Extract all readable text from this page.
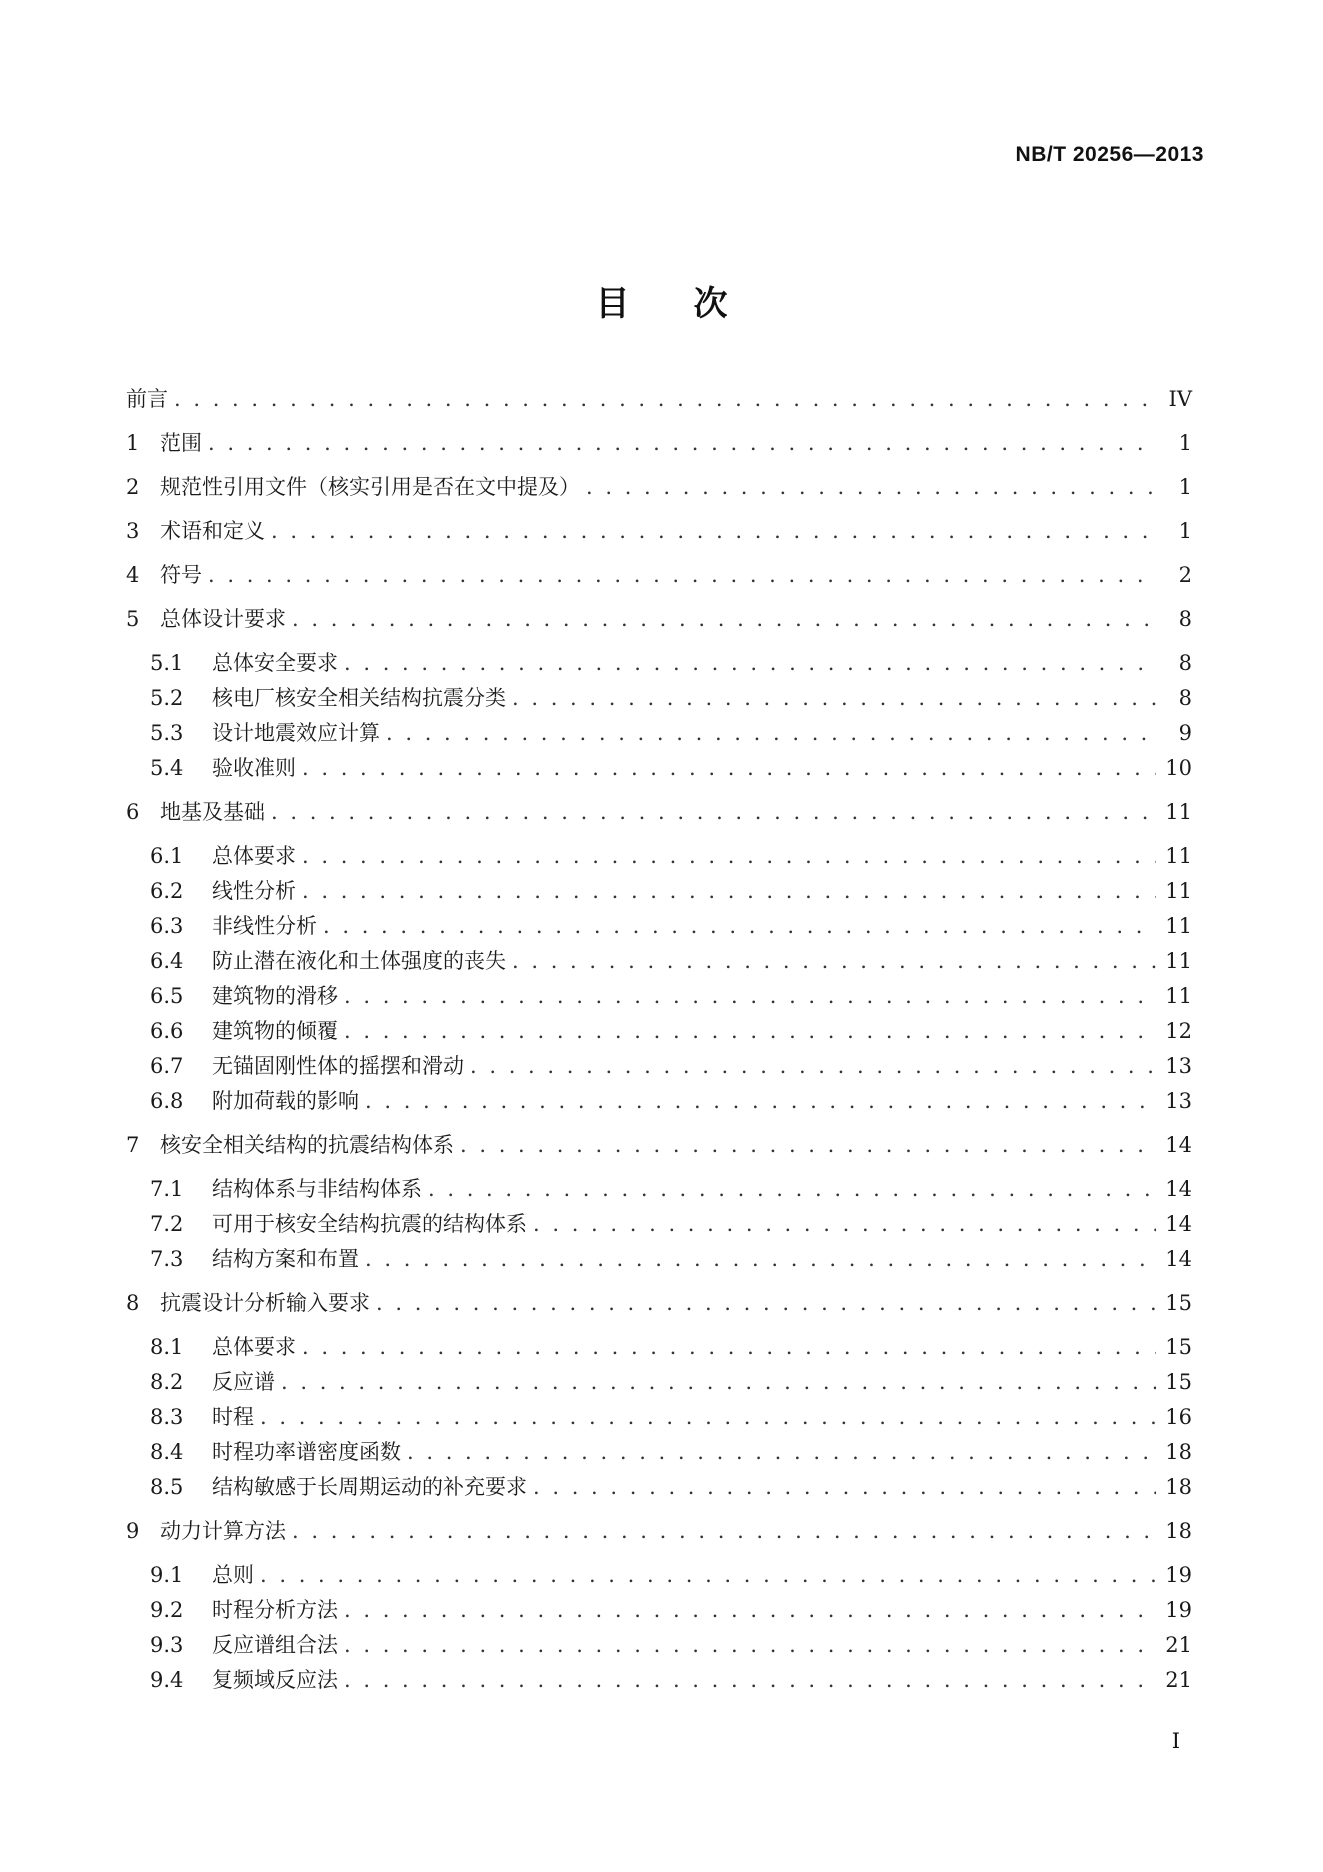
NB/T 20256—2013
目 次
前言 . . .	IV
1 范围 . . .	1
2 规范性引用文件（核实引用是否在文中提及） . . .	1
3 术语和定义 . . .	1
4 符号 . . .	2
5 总体设计要求 . . .	8
5.1	总体安全要求 . . .	8
5.2	核电厂核安全相关结构抗震分类 . . .	8
5.3	设计地震效应计算 . . .	9
5.4	验收准则 . . .	10
6 地基及基础 . . .	11
6.1	总体要求 . . .	11
6.2	线性分析 . . .	11
6.3	非线性分析 . . .	11
6.4	防止潜在液化和土体强度的丧失 . . .	11
6.5	建筑物的滑移 . . .	11
6.6	建筑物的倾覆 . . .	12
6.7	无锚固刚性体的摇摆和滑动 . . .	13
6.8	附加荷载的影响 . . .	13
7 核安全相关结构的抗震结构体系 . . .	14
7.1	结构体系与非结构体系 . . .	14
7.2	可用于核安全结构抗震的结构体系 . . .	14
7.3	结构方案和布置 . . .	14
8 抗震设计分析输入要求 . . .	15
8.1	总体要求 . . .	15
8.2	反应谱 . . .	15
8.3	时程 . . .	16
8.4	时程功率谱密度函数 . . .	18
8.5	结构敏感于长周期运动的补充要求 . . .	18
9 动力计算方法 . . .	18
9.1	总则 . . .	19
9.2	时程分析方法 . . .	19
9.3	反应谱组合法 . . .	21
9.4	复频域反应法 . . .	21
I
